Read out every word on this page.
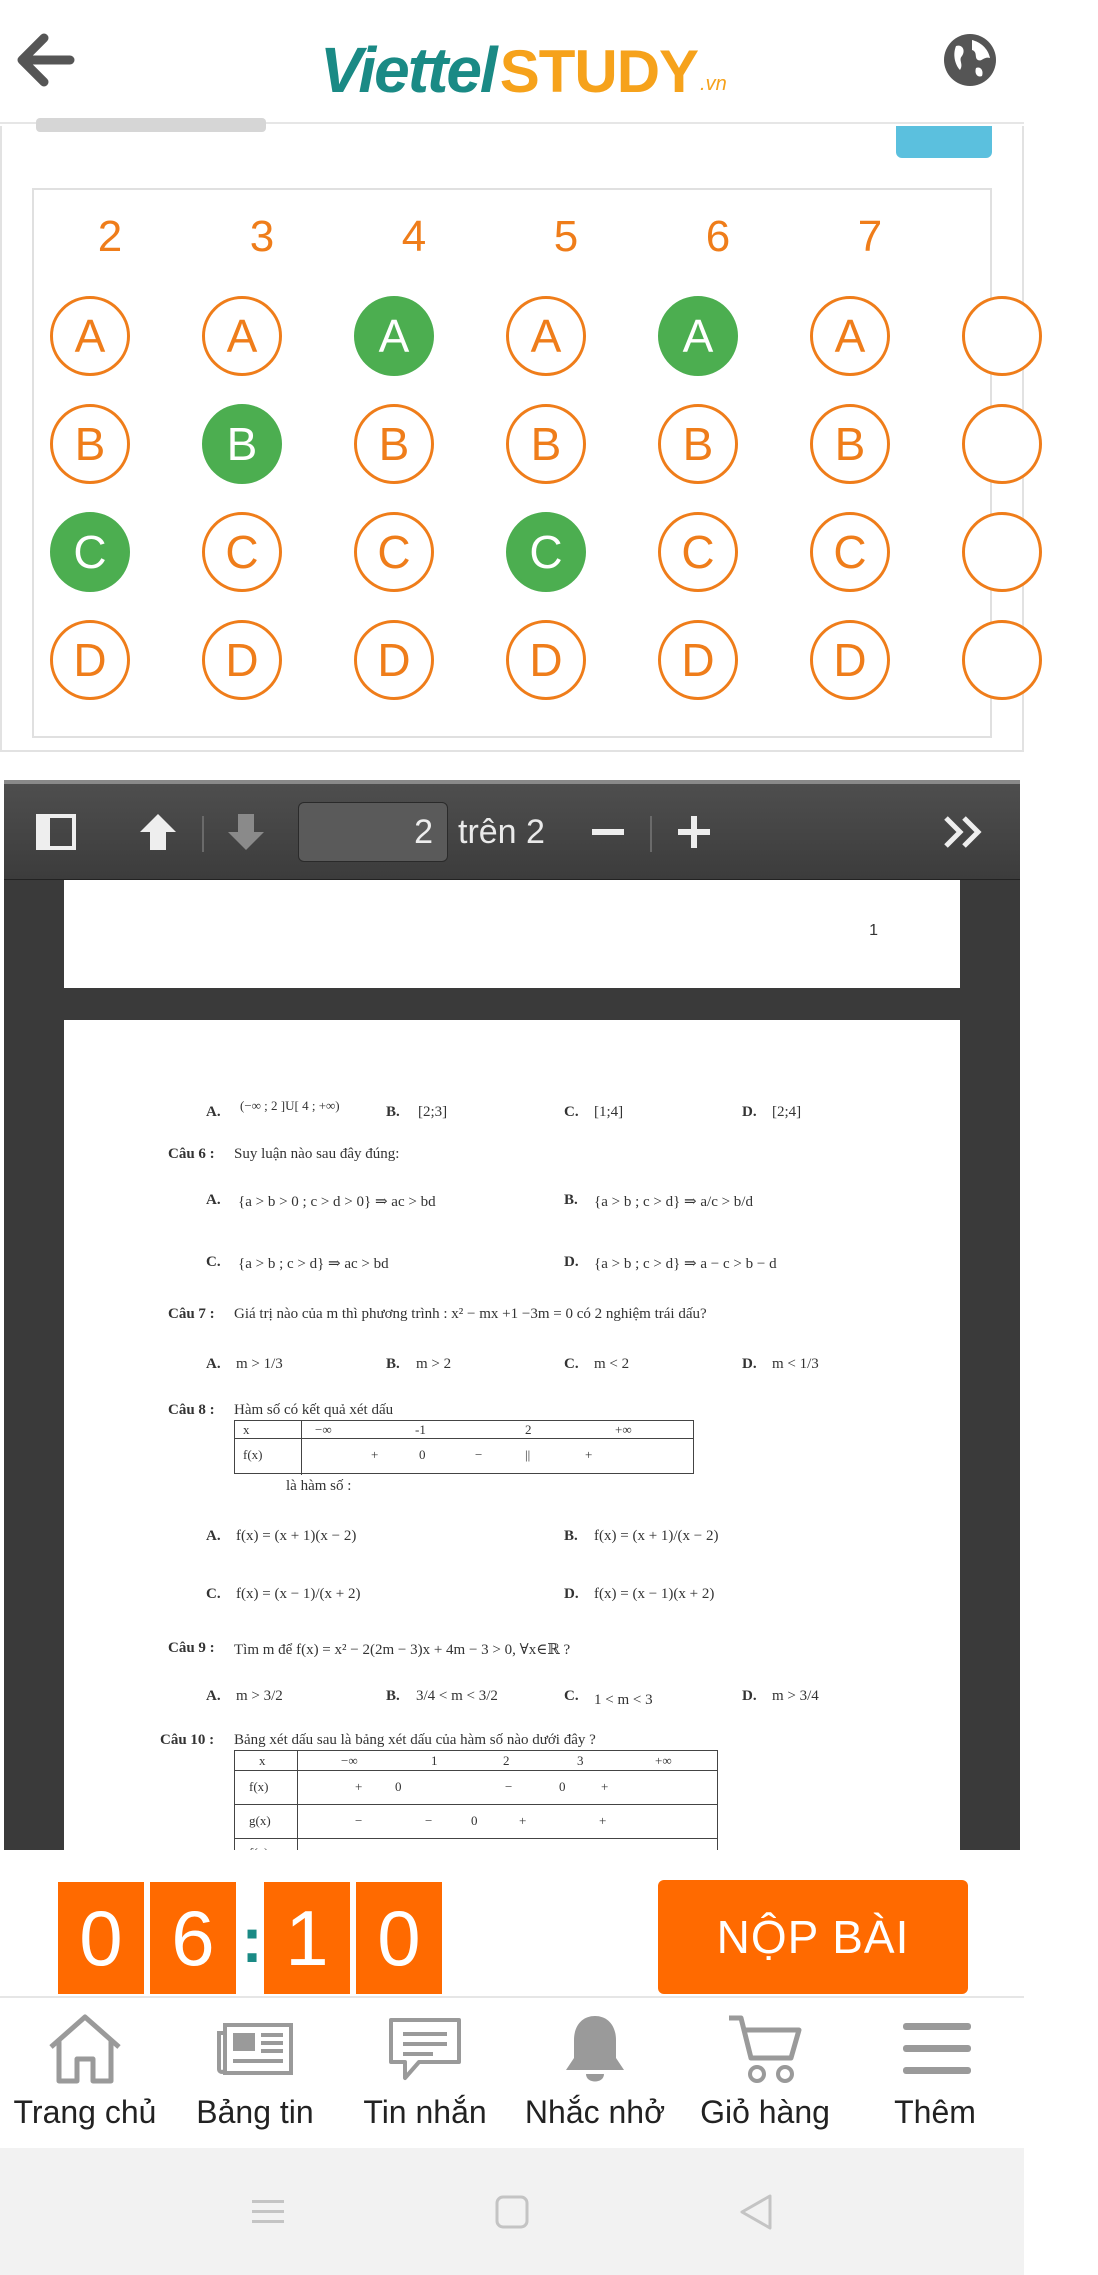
Viettel STUDY .vn
2
A
B
C
D
3
A
B
C
D
4
A
B
C
D
5
A
B
C
D
6
A
B
C
D
7
A
B
C
D
2 trên 2
1
A. (−∞ ; 2 ]U[ 4 ; +∞)	B. [2;3]	C. [1;4]	D. [2;4]
Câu 6 : Suy luận nào sau đây đúng:
A. {a > b > 0 ; c > d > 0} ⇒ ac > bd	B. {a > b ; c > d} ⇒ a/c > b/d
C. {a > b ; c > d} ⇒ ac > bd	D. {a > b ; c > d} ⇒ a − c > b − d
Câu 7 : Giá trị nào của m thì phương trình : x² − mx +1 −3m = 0 có 2 nghiệm trái dấu?
A. m > 1/3	B. m > 2	C. m < 2	D. m < 1/3
Câu 8 : Hàm số có kết quả xét dấu
x	−∞	-1	2	+∞
f(x)	+	0	−	||	+
là hàm số :
A. f(x) = (x + 1)(x − 2)	B. f(x) = (x + 1)/(x − 2)
C. f(x) = (x − 1)/(x + 2)	D. f(x) = (x − 1)(x + 2)
Câu 9 : Tìm m để f(x) = x² − 2(2m − 3)x + 4m − 3 > 0, ∀x∈ℝ ?
A. m > 3/2	B. 3/4 < m < 3/2	C. 1 < m < 3	D. m > 3/4
Câu 10 : Bảng xét dấu sau là bảng xét dấu của hàm số nào dưới đây ?
x	−∞	1	2	3	+∞
f(x)	+	0	−	0	+
g(x)	−	−	0	+	+
0 6 : 1 0	NỘP BÀI
Trang chủ	Bảng tin	Tin nhắn	Nhắc nhở	Giỏ hàng	Thêm
